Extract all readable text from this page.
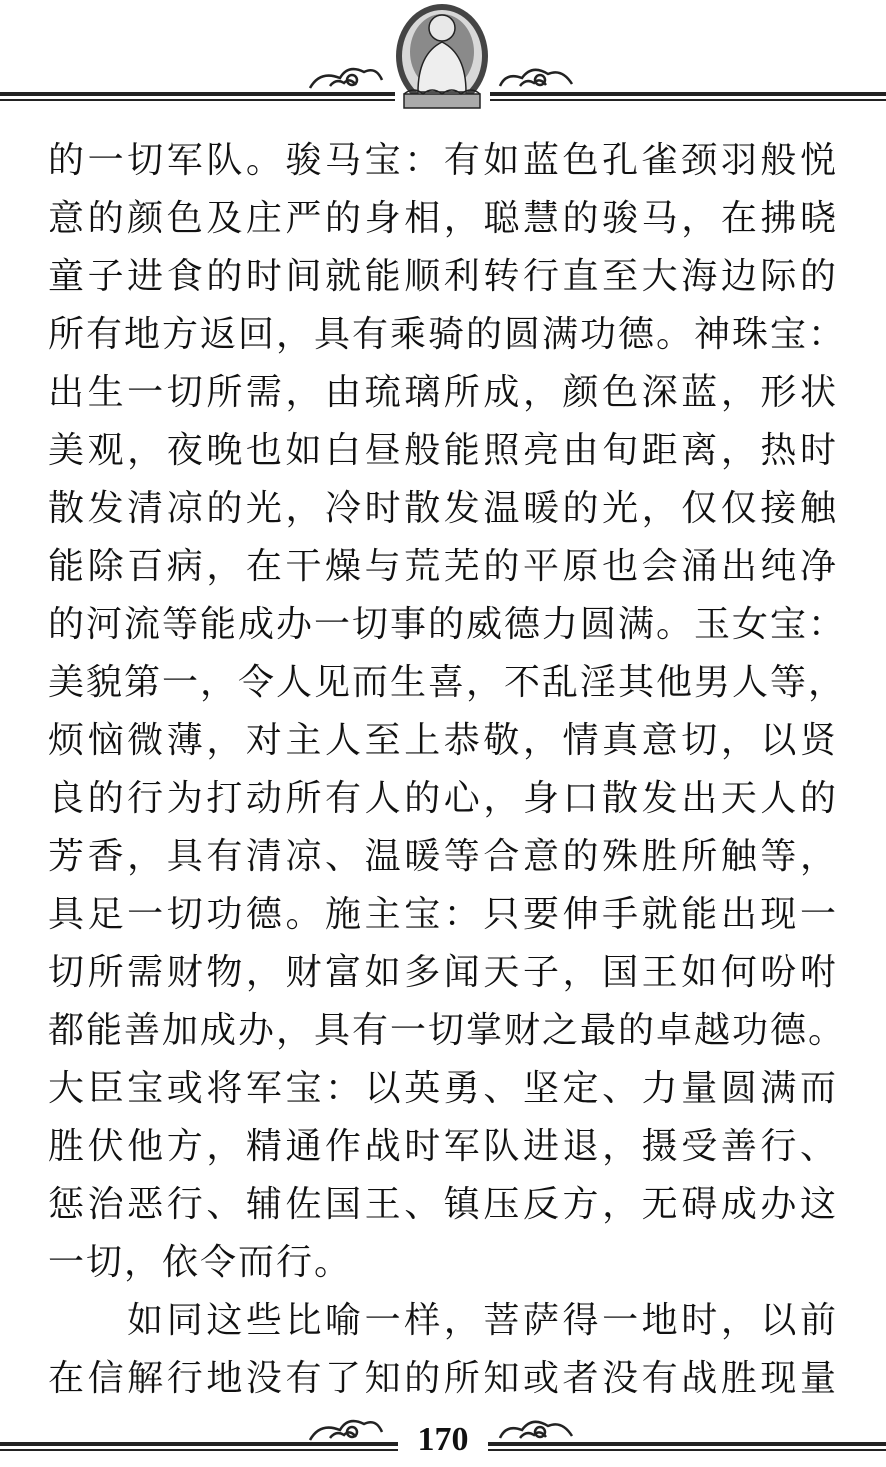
的一切军队。骏马宝：有如蓝色孔雀颈羽般悦
意的颜色及庄严的身相，聪慧的骏马，在拂晓
童子进食的时间就能顺利转行直至大海边际的
所有地方返回，具有乘骑的圆满功德。神珠宝：
出生一切所需，由琉璃所成，颜色深蓝，形状
美观，夜晚也如白昼般能照亮由旬距离，热时
散发清凉的光，冷时散发温暖的光，仅仅接触
能除百病，在干燥与荒芜的平原也会涌出纯净
的河流等能成办一切事的威德力圆满。玉女宝：
美貌第一，令人见而生喜，不乱淫其他男人等，
烦恼微薄，对主人至上恭敬，情真意切，以贤
良的行为打动所有人的心，身口散发出天人的
芳香，具有清凉、温暖等合意的殊胜所触等，
具足一切功德。施主宝：只要伸手就能出现一
切所需财物，财富如多闻天子，国王如何吩咐
都能善加成办，具有一切掌财之最的卓越功德。
大臣宝或将军宝：以英勇、坚定、力量圆满而
胜伏他方，精通作战时军队进退，摄受善行、
惩治恶行、辅佐国王、镇压反方，无碍成办这
一切，依令而行。
　　如同这些比喻一样，菩萨得一地时，以前
在信解行地没有了知的所知或者没有战胜现量
170
